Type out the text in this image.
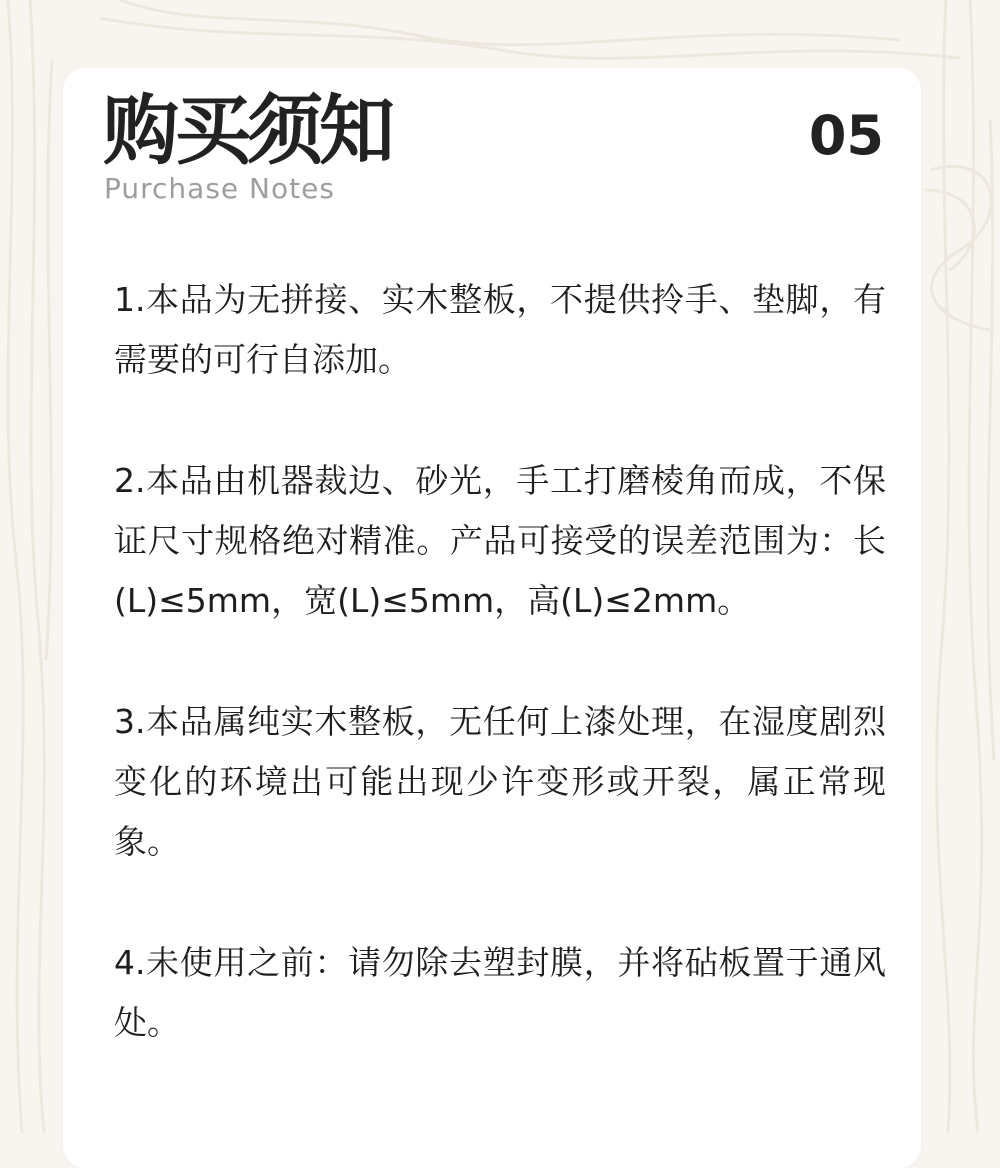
购买须知
Purchase Notes
05

1.本品为无拼接、实木整板，不提供拎手、垫脚，有需要的可行自添加。

2.本品由机器裁边、砂光，手工打磨棱角而成，不保证尺寸规格绝对精准。产品可接受的误差范围为：长(L)≤5mm，宽(L)≤5mm，高(L)≤2mm。

3.本品属纯实木整板，无任何上漆处理，在湿度剧烈变化的环境出可能出现少许变形或开裂，属正常现象。

4.未使用之前：请勿除去塑封膜，并将砧板置于通风处。
